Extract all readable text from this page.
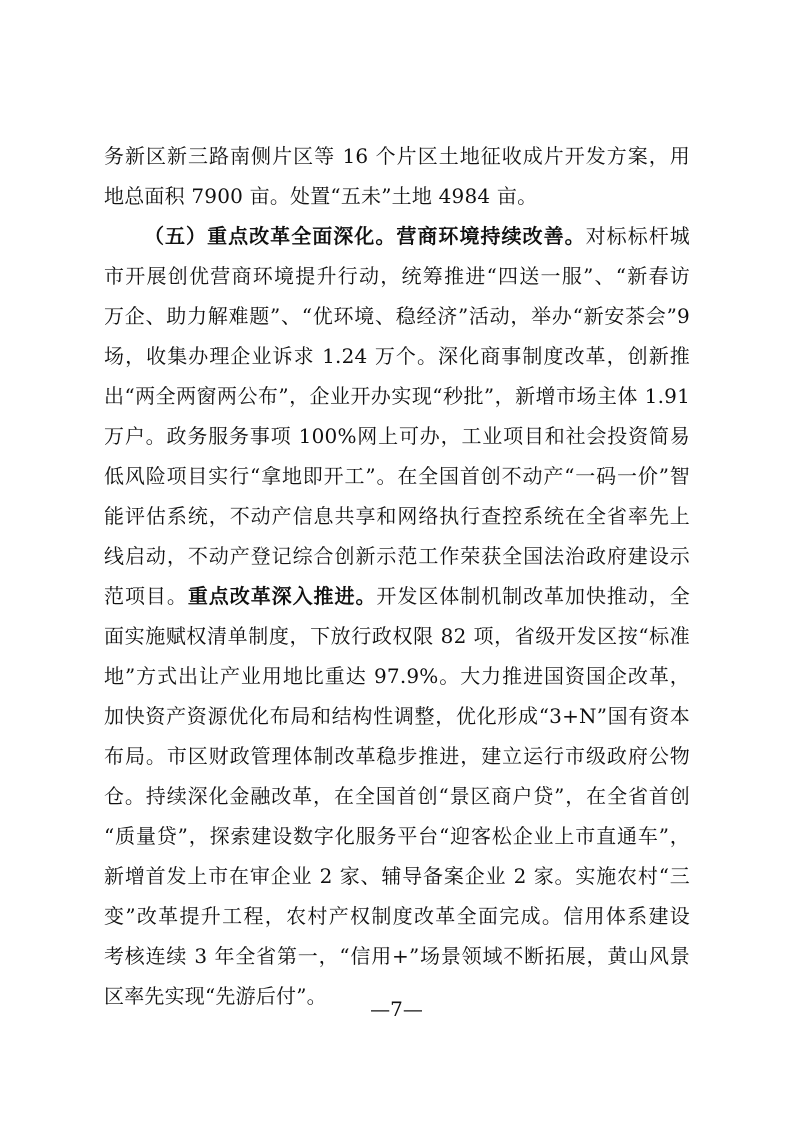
务新区新三路南侧片区等 16 个片区土地征收成片开发方案，用
地总面积 7900 亩。处置“五未”土地 4984 亩。
（五）重点改革全面深化。营商环境持续改善。对标标杆城
市开展创优营商环境提升行动，统筹推进“四送一服”、“新春访
万企、助力解难题”、“优环境、稳经济”活动，举办“新安茶会”9
场，收集办理企业诉求 1.24 万个。深化商事制度改革，创新推
出“两全两窗两公布”，企业开办实现“秒批”，新增市场主体 1.91
万户。政务服务事项 100%网上可办，工业项目和社会投资简易
低风险项目实行“拿地即开工”。在全国首创不动产“一码一价”智
能评估系统，不动产信息共享和网络执行查控系统在全省率先上
线启动，不动产登记综合创新示范工作荣获全国法治政府建设示
范项目。重点改革深入推进。开发区体制机制改革加快推动，全
面实施赋权清单制度，下放行政权限 82 项，省级开发区按“标准
地”方式出让产业用地比重达 97.9%。大力推进国资国企改革，
加快资产资源优化布局和结构性调整，优化形成“3+N”国有资本
布局。市区财政管理体制改革稳步推进，建立运行市级政府公物
仓。持续深化金融改革，在全国首创“景区商户贷”，在全省首创
“质量贷”，探索建设数字化服务平台“迎客松企业上市直通车”，
新增首发上市在审企业 2 家、辅导备案企业 2 家。实施农村“三
变”改革提升工程，农村产权制度改革全面完成。信用体系建设
考核连续 3 年全省第一，“信用+”场景领域不断拓展，黄山风景
区率先实现“先游后付”。
—7—
